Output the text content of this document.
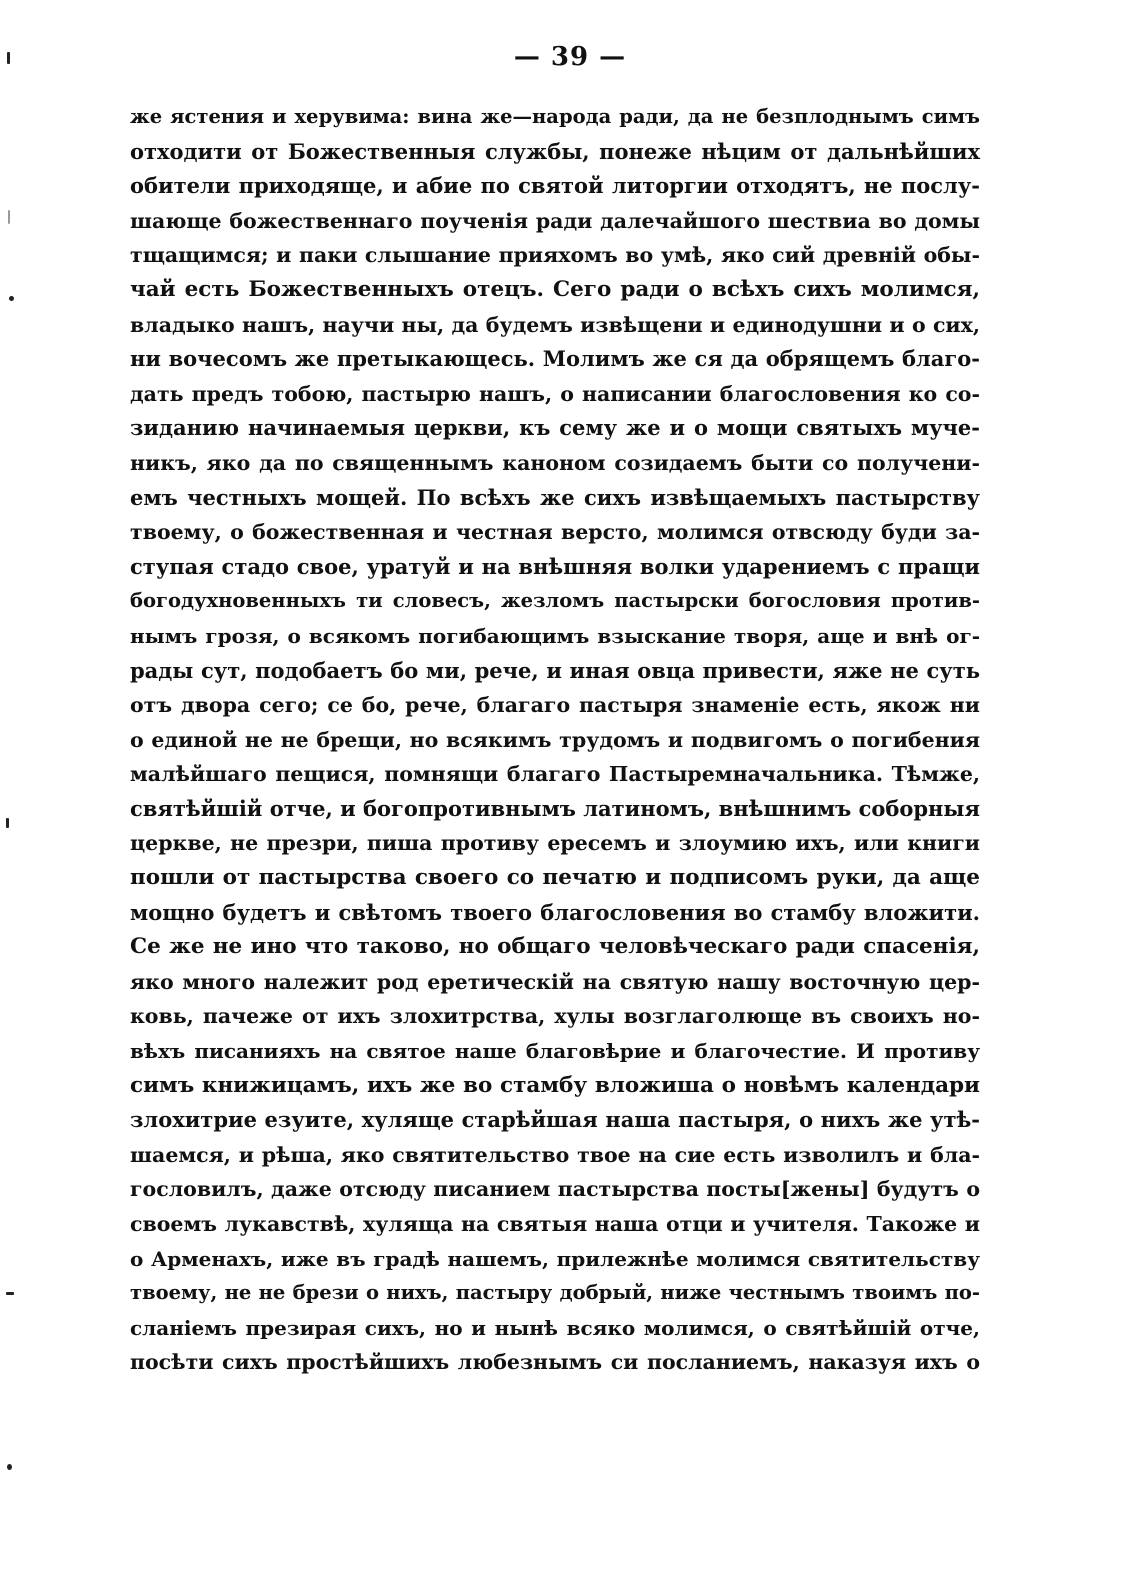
— 39 —
же ястения и херувима: вина же—народа ради, да не безплоднымъ симъ
отходити от Божественныя службы, понеже нѣцим от дальнѣйших
обители приходяще, и абие по святой литоргии отходятъ, не послу-
шающе божественнаго поученія ради далечайшого шествиа во домы
тщащимся; и паки слышание прияхомъ во умѣ, яко сий древній обы-
чай есть Божественныхъ отецъ. Сего ради о всѣхъ сихъ молимся,
владыко нашъ, научи ны, да будемъ извѣщени и единодушни и о сих,
ни вочесомъ же претыкающесь. Молимъ же ся да обрящемъ благо-
дать предъ тобою, пастырю нашъ, о написании благословения ко со-
зиданию начинаемыя церкви, къ сему же и о мощи святыхъ муче-
никъ, яко да по священнымъ каноном созидаемъ быти со получени-
емъ честныхъ мощей. По всѣхъ же сихъ извѣщаемыхъ пастырству
твоему, о божественная и честная версто, молимся отвсюду буди за-
ступая стадо свое, уратуй и на внѣшняя волки ударениемъ с пращи
богодухновенныхъ ти словесъ, жезломъ пастырски богословия против-
нымъ грозя, о всякомъ погибающимъ взыскание творя, аще и внѣ ог-
рады сут, подобаетъ бо ми, рече, и иная овца привести, яже не суть
отъ двора сего; се бо, рече, благаго пастыря знаменіе есть, якож ни
о единой не не брещи, но всякимъ трудомъ и подвигомъ о погибения
малѣйшаго пещися, помнящи благаго Пастыремначальника. Тѣмже,
святѣйшій отче, и богопротивнымъ латиномъ, внѣшнимъ соборныя
церкве, не презри, пиша противу ересемъ и злоумию ихъ, или книги
пошли от пастырства своего со печатю и подписомъ руки, да аще
мощно будетъ и свѣтомъ твоего благословения во стамбу вложити.
Се же не ино что таково, но общаго человѣческаго ради спасенія,
яко много належит род еретическій на святую нашу восточную цер-
ковь, пачеже от ихъ злохитрства, хулы возглаголюще въ своихъ но-
вѣхъ писанияхъ на святое наше благовѣрие и благочестие. И противу
симъ книжицамъ, ихъ же во стамбу вложиша о новѣмъ календари
злохитрие езуите, хуляще старѣйшая наша пастыря, о нихъ же утѣ-
шаемся, и рѣша, яко святительство твое на сие есть изволилъ и бла-
гословилъ, даже отсюду писанием пастырства посты[жены] будутъ о
своемъ лукавствѣ, хуляща на святыя наша отци и учителя. Такоже и
о Арменахъ, иже въ градѣ нашемъ, прилежнѣе молимся святительству
твоему, не не брези о нихъ, пастыру добрый, ниже честнымъ твоимъ по-
сланіемъ презирая сихъ, но и нынѣ всяко молимся, о святѣйшій отче,
посѣти сихъ простѣйшихъ любезнымъ си посланиемъ, наказуя ихъ о
